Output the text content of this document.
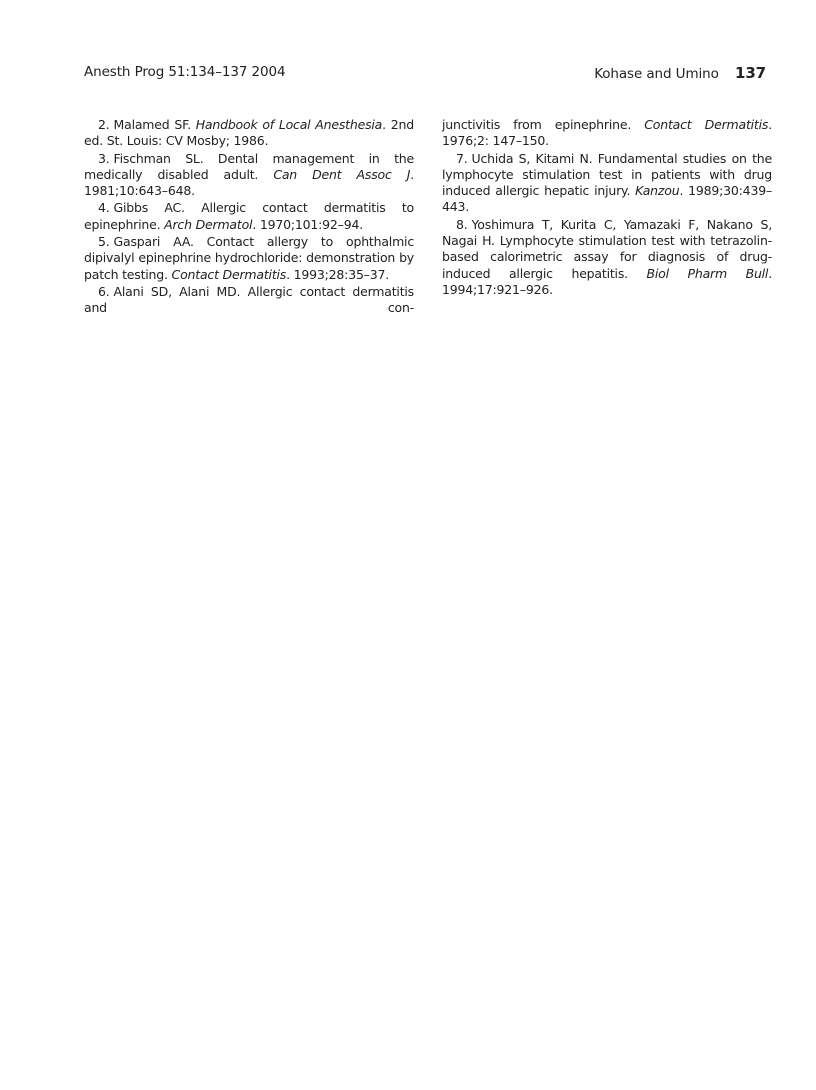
Anesth Prog 51:134–137 2004	Kohase and Umino 137

2. Malamed SF. Handbook of Local Anesthesia. 2nd ed. St. Louis: CV Mosby; 1986.

3. Fischman SL. Dental management in the medically disabled adult. Can Dent Assoc J. 1981;10:643–648.

4. Gibbs AC. Allergic contact dermatitis to epinephrine. Arch Dermatol. 1970;101:92–94.

5. Gaspari AA. Contact allergy to ophthalmic dipivalyl epinephrine hydrochloride: demonstration by patch testing. Contact Dermatitis. 1993;28:35–37.

6. Alani SD, Alani MD. Allergic contact dermatitis and con-

junctivitis from epinephrine. Contact Dermatitis. 1976;2: 147–150.

7. Uchida S, Kitami N. Fundamental studies on the lymphocyte stimulation test in patients with drug induced allergic hepatic injury. Kanzou. 1989;30:439–443.

8. Yoshimura T, Kurita C, Yamazaki F, Nakano S, Nagai H. Lymphocyte stimulation test with tetrazolin-based calorimetric assay for diagnosis of drug-induced allergic hepatitis. Biol Pharm Bull. 1994;17:921–926.
